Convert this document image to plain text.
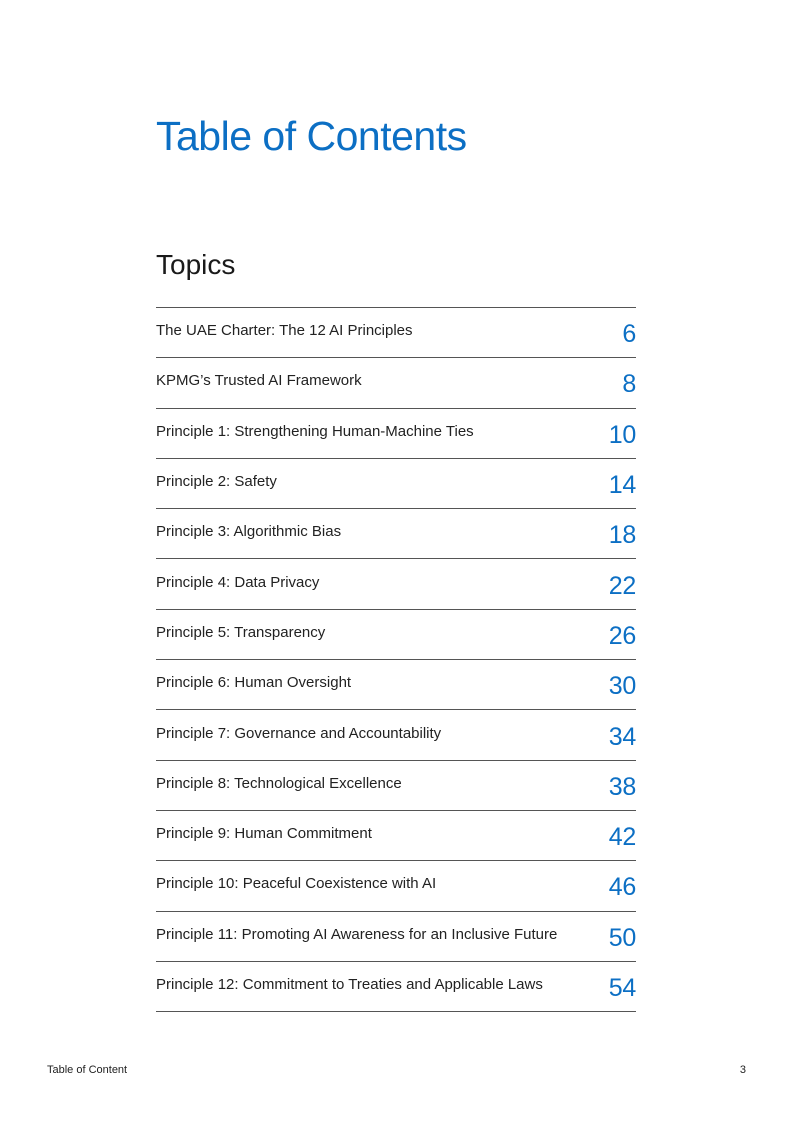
Table of Contents
Topics
The UAE Charter: The 12 AI Principles	6
KPMG’s Trusted AI Framework	8
Principle 1: Strengthening Human-Machine Ties	10
Principle 2: Safety	14
Principle 3: Algorithmic Bias	18
Principle 4: Data Privacy	22
Principle 5: Transparency	26
Principle 6: Human Oversight	30
Principle 7: Governance and Accountability	34
Principle 8: Technological Excellence	38
Principle 9: Human Commitment	42
Principle 10: Peaceful Coexistence with AI	46
Principle 11: Promoting AI Awareness for an Inclusive Future 50
Principle 12: Commitment to Treaties and Applicable Laws	54
Table of Content	3
